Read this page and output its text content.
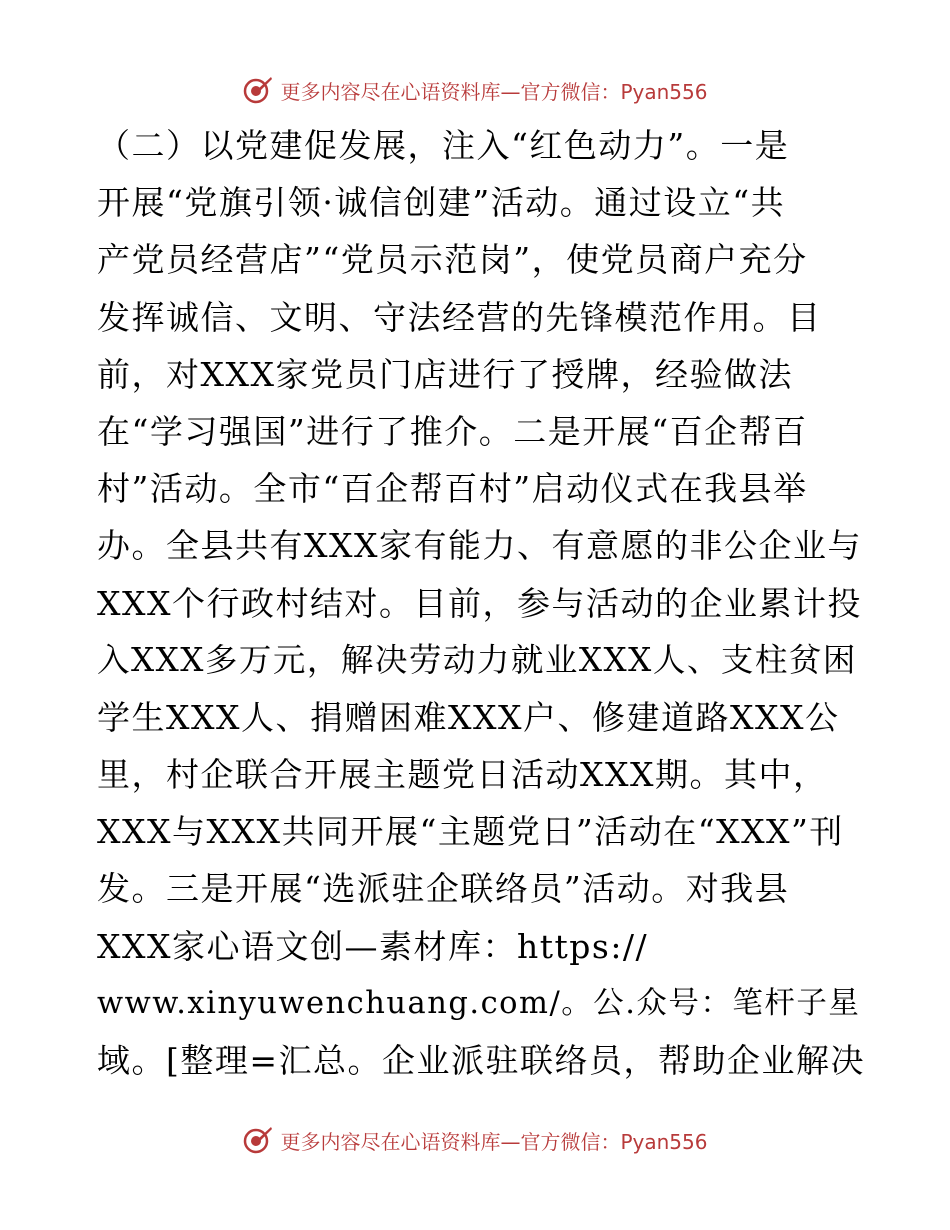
更多内容尽在心语资料库—官方微信：Pyan556
（二）以党建促发展，注入“红色动力”。一是
开展“党旗引领·诚信创建”活动。通过设立“共
产党员经营店”“党员示范岗”，使党员商户充分
发挥诚信、文明、守法经营的先锋模范作用。目
前，对XXX家党员门店进行了授牌，经验做法
在“学习强国”进行了推介。二是开展“百企帮百
村”活动。全市“百企帮百村”启动仪式在我县举
办。全县共有XXX家有能力、有意愿的非公企业与
XXX个行政村结对。目前，参与活动的企业累计投
入XXX多万元，解决劳动力就业XXX人、支柱贫困
学生XXX人、捐赠困难XXX户、修建道路XXX公
里，村企联合开展主题党日活动XXX期。其中，
XXX与XXX共同开展“主题党日”活动在“XXX”刊
发。三是开展“选派驻企联络员”活动。对我县
XXX家心语文创—素材库：https://
www.xinyuwenchuang.com/。公.众号：笔杆子星
域。[整理=汇总。企业派驻联络员，帮助企业解决
更多内容尽在心语资料库—官方微信：Pyan556
